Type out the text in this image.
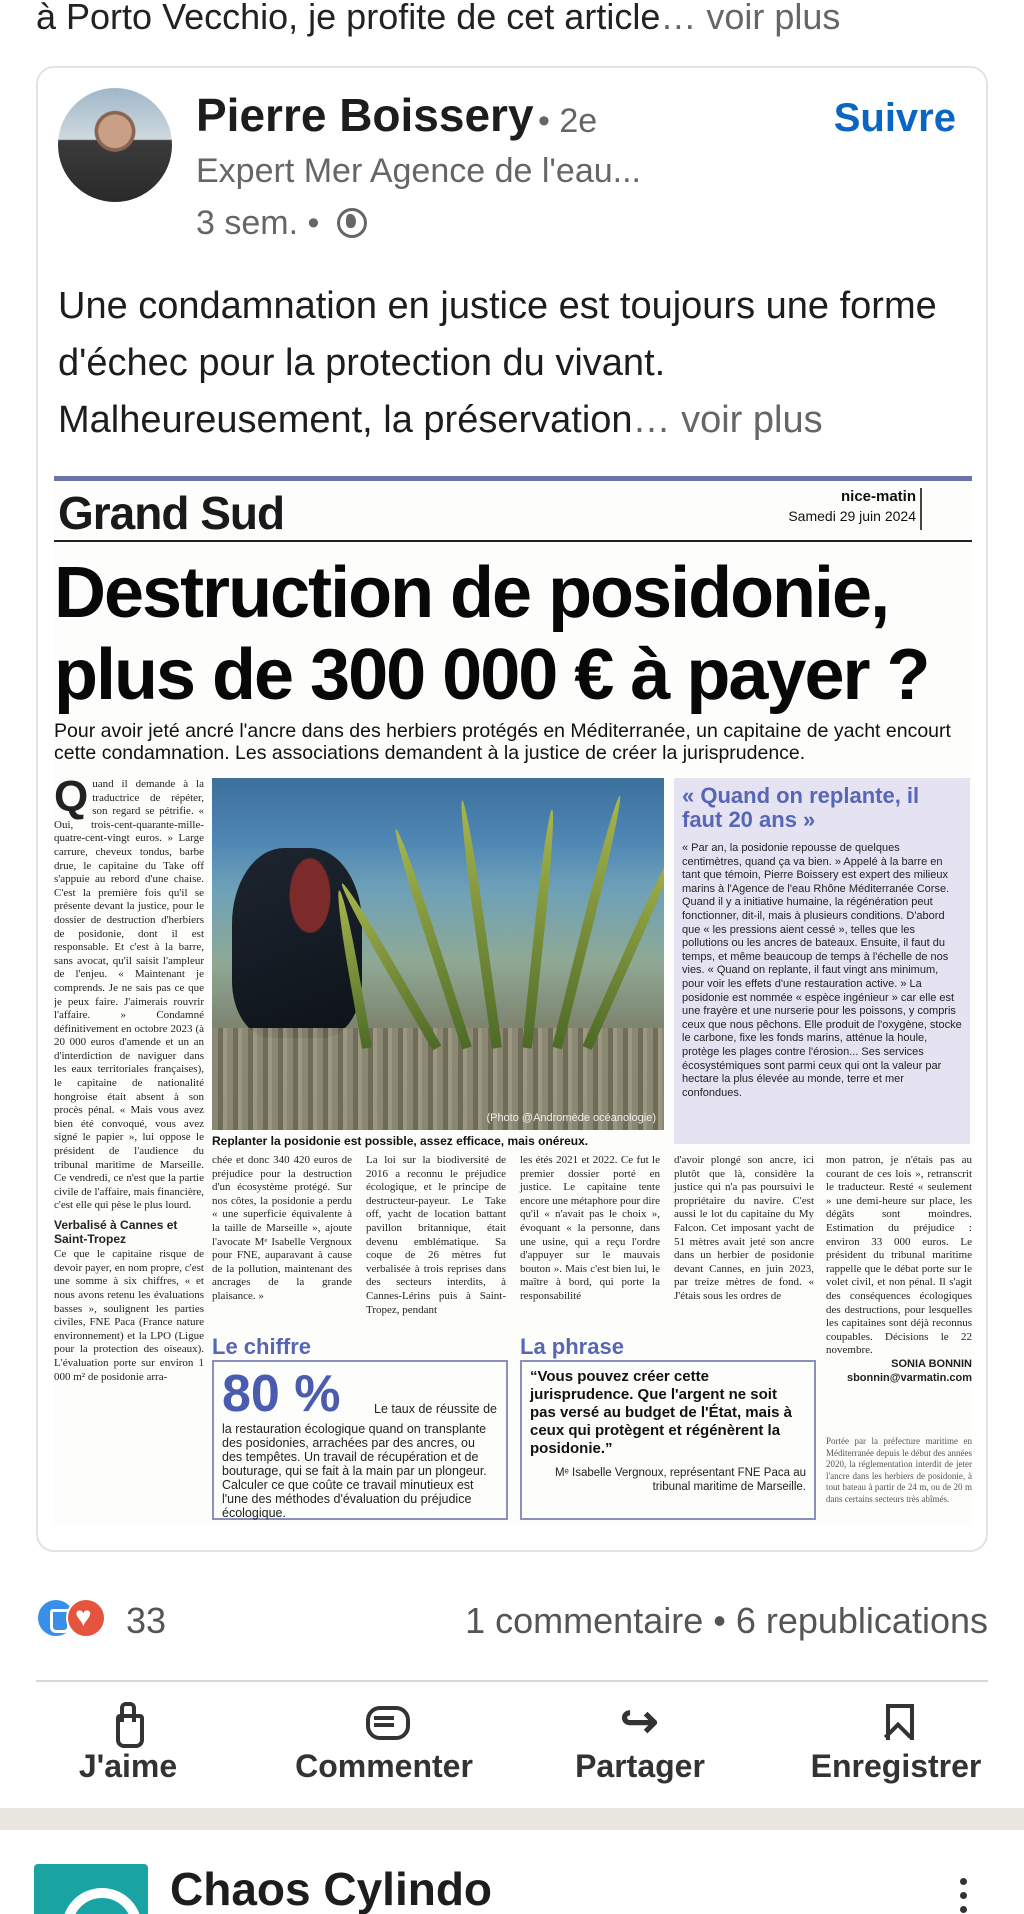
à Porto Vecchio, je profite de cet article… voir plus
Pierre Boissery • 2e	Suivre
Expert Mer Agence de l'eau...
3 sem. •
Une condamnation en justice est toujours une forme d'échec pour la protection du vivant. Malheureusement, la préservation… voir plus
Grand Sud	nice-matin
Samedi 29 juin 2024
Destruction de posidonie, plus de 300 000 € à payer ?
Pour avoir jeté ancré l'ancre dans des herbiers protégés en Méditerranée, un capitaine de yacht encourt cette condamnation. Les associations demandent à la justice de créer la jurisprudence.
Q uand il demande à la traductrice de répéter, son regard se pétrifie. « Oui, trois-cent-quarante-mille-quatre-cent-vingt euros. » Large carrure, cheveux tondus, barbe drue, le capitaine du Take off s'appuie au rebord d'une chaise. C'est la première fois qu'il se présente devant la justice, pour le dossier de destruction d'herbiers de posidonie, dont il est responsable. Et c'est à la barre, sans avocat, qu'il saisit l'ampleur de l'enjeu. « Maintenant je comprends. Je ne sais pas ce que je peux faire. J'aimerais rouvrir l'affaire. » Condamné définitivement en octobre 2023 (à 20 000 euros d'amende et un an d'interdiction de naviguer dans les eaux territoriales françaises), le capitaine de nationalité hongroise était absent à son procès pénal. « Mais vous avez bien été convoqué, vous avez signé le papier », lui oppose le président de l'audience du tribunal maritime de Marseille. Ce vendredi, ce n'est que la partie civile de l'affaire, mais financière, c'est elle qui pèse le plus lourd.
Verbalisé à Cannes et Saint-Tropez
Ce que le capitaine risque de devoir payer, en nom propre, c'est une somme à six chiffres, « et nous avons retenu les évaluations basses », soulignent les parties civiles, FNE Paca (France nature environnement) et la LPO (Ligue pour la protection des oiseaux). L'évaluation porte sur environ 1 000 m² de posidonie arra-
(Photo @Andromède océanologie)
Replanter la posidonie est possible, assez efficace, mais onéreux.
« Quand on replante, il faut 20 ans »
« Par an, la posidonie repousse de quelques centimètres, quand ça va bien. » Appelé à la barre en tant que témoin, Pierre Boissery est expert des milieux marins à l'Agence de l'eau Rhône Méditerranée Corse. Quand il y a initiative humaine, la régénération peut fonctionner, dit-il, mais à plusieurs conditions. D'abord que « les pressions aient cessé », telles que les pollutions ou les ancres de bateaux. Ensuite, il faut du temps, et même beaucoup de temps à l'échelle de nos vies. « Quand on replante, il faut vingt ans minimum, pour voir les effets d'une restauration active. » La posidonie est nommée « espèce ingénieur » car elle est une frayère et une nurserie pour les poissons, y compris ceux que nous pêchons. Elle produit de l'oxygène, stocke le carbone, fixe les fonds marins, atténue la houle, protège les plages contre l'érosion... Ses services écosystémiques sont parmi ceux qui ont la valeur par hectare la plus élevée au monde, terre et mer confondues.
chée et donc 340 420 euros de préjudice pour la destruction d'un écosystème protégé. Sur nos côtes, la posidonie a perdu « une superficie équivalente à la taille de Marseille », ajoute l'avocate Mᵉ Isabelle Vergnoux pour FNE, auparavant à cause de la pollution, maintenant des ancrages de la grande plaisance. »
La loi sur la biodiversité de 2016 a reconnu le préjudice écologique, et le principe de destructeur-payeur. Le Take off, yacht de location battant pavillon britannique, était devenu emblématique. Sa coque de 26 mètres fut verbalisée à trois reprises dans des secteurs interdits, à Cannes-Lérins puis à Saint-Tropez, pendant
les étés 2021 et 2022. Ce fut le premier dossier porté en justice. Le capitaine tente encore une métaphore pour dire qu'il « n'avait pas le choix », évoquant « la personne, dans une usine, qui a reçu l'ordre d'appuyer sur le mauvais bouton ». Mais c'est bien lui, le maître à bord, qui porte la responsabilité
d'avoir plongé son ancre, ici plutôt que là, considère la justice qui n'a pas poursuivi le propriétaire du navire. C'est aussi le lot du capitaine du My Falcon. Cet imposant yacht de 51 mètres avait jeté son ancre dans un herbier de posidonie devant Cannes, en juin 2023, par treize mètres de fond. « J'étais sous les ordres de
mon patron, je n'étais pas au courant de ces lois », retranscrit le traducteur. Resté « seulement » une demi-heure sur place, les dégâts sont moindres. Estimation du préjudice : environ 33 000 euros. Le président du tribunal maritime rappelle que le débat porte sur le volet civil, et non pénal. Il s'agit des conséquences écologiques des destructions, pour lesquelles les capitaines sont déjà reconnus coupables. Décisions le 22 novembre.
SONIA BONNIN
sbonnin@varmatin.com
Le chiffre
80 %	Le taux de réussite de
la restauration écologique quand on transplante des posidonies, arrachées par des ancres, ou des tempêtes. Un travail de récupération et de bouturage, qui se fait à la main par un plongeur. Calculer ce que coûte ce travail minutieux est l'une des méthodes d'évaluation du préjudice écologique.
La phrase
“Vous pouvez créer cette jurisprudence. Que l'argent ne soit pas versé au budget de l'État, mais à ceux qui protègent et régénèrent la posidonie.”
Mᵉ Isabelle Vergnoux, représentant FNE Paca au tribunal maritime de Marseille.
Portée par la préfecture maritime en Méditerranée depuis le début des années 2020, la réglementation interdit de jeter l'ancre dans les herbiers de posidonie, à tout bateau à partir de 24 m, ou de 20 m dans certains secteurs très abîmés.
♥
33	1 commentaire • 6 republications
J'aime	Commenter
↪	Partager	Enregistrer
Chaos Cylindo
